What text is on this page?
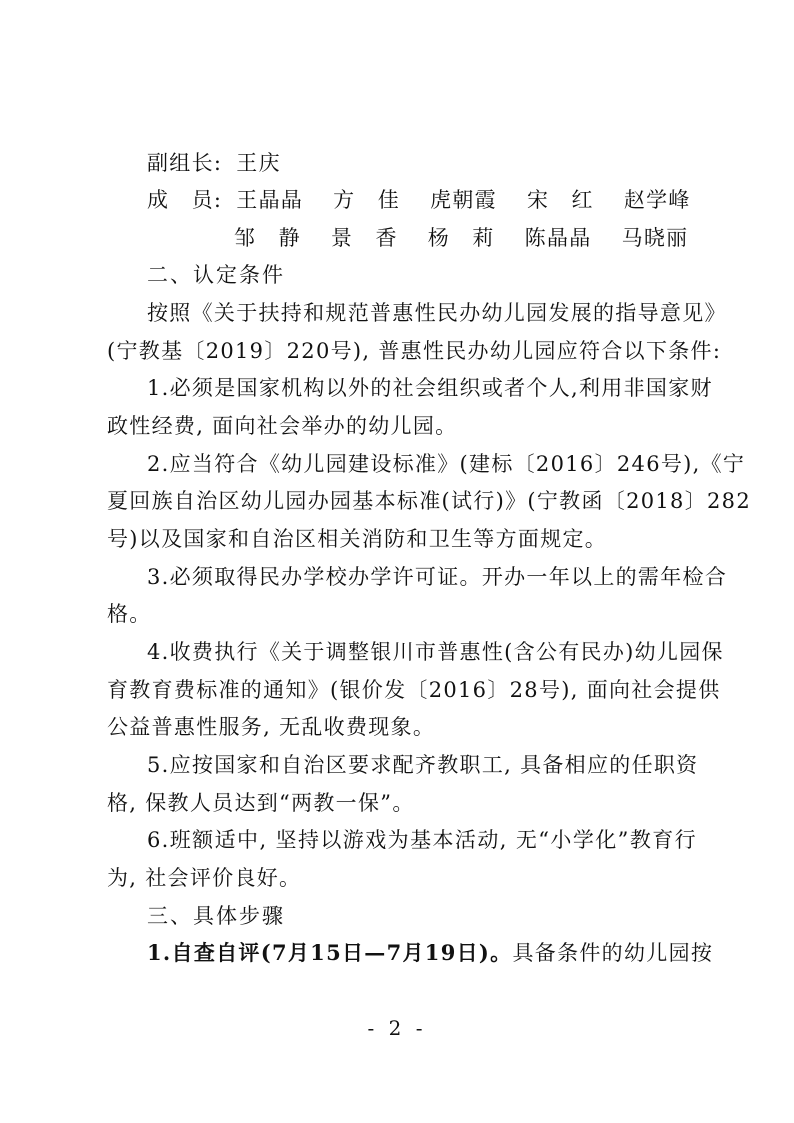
副组长: 王庆
成　员: 王晶晶 方　佳 虎朝霞 宋　红 赵学峰
邹　静 景　香 杨　莉 陈晶晶 马晓丽
二、认定条件
按照《关于扶持和规范普惠性民办幼儿园发展的指导意见》
(宁教基〔2019〕220号), 普惠性民办幼儿园应符合以下条件:
1.必须是国家机构以外的社会组织或者个人,利用非国家财
政性经费, 面向社会举办的幼儿园。
2.应当符合《幼儿园建设标准》(建标〔2016〕246号),《宁
夏回族自治区幼儿园办园基本标准(试行)》(宁教函〔2018〕282
号)以及国家和自治区相关消防和卫生等方面规定。
3.必须取得民办学校办学许可证。开办一年以上的需年检合
格。
4.收费执行《关于调整银川市普惠性(含公有民办)幼儿园保
育教育费标准的通知》(银价发〔2016〕28号), 面向社会提供
公益普惠性服务, 无乱收费现象。
5.应按国家和自治区要求配齐教职工, 具备相应的任职资
格, 保教人员达到“两教一保”。
6.班额适中, 坚持以游戏为基本活动, 无“小学化”教育行
为, 社会评价良好。
三、具体步骤
1.自查自评(7月15日—7月19日)。具备条件的幼儿园按
- 2 -
